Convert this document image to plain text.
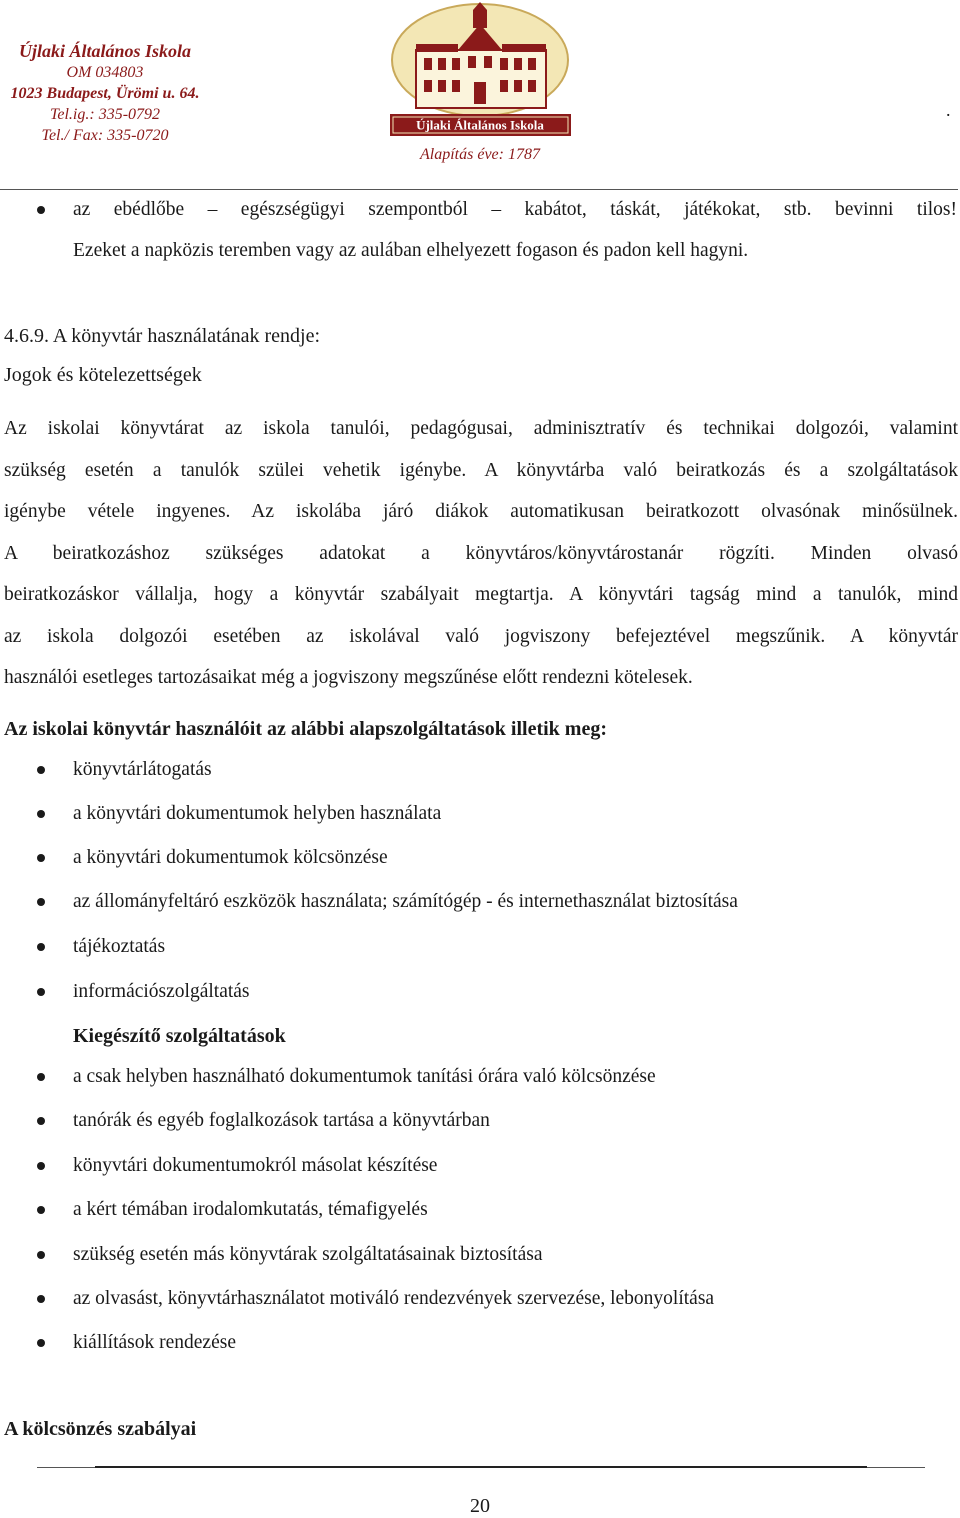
Újlaki Általános Iskola
OM 034803
1023 Budapest, Ürömi u. 64.
Tel.ig.: 335-0792
Tel./ Fax: 335-0720
Újlaki Általános Iskola
Alapítás éve: 1787
.
az ebédlőbe – egészségügyi szempontból – kabátot, táskát, játékokat, stb. bevinni tilos!
Ezeket a napközis teremben vagy az aulában elhelyezett fogason és padon kell hagyni.
4.6.9. A könyvtár használatának rendje:
Jogok és kötelezettségek
Az iskolai könyvtárat az iskola tanulói, pedagógusai, adminisztratív és technikai dolgozói, valamint
szükség esetén a tanulók szülei vehetik igénybe. A könyvtárba való beiratkozás és a szolgáltatások
igénybe vétele ingyenes. Az iskolába járó diákok automatikusan beiratkozott olvasónak minősülnek.
A beiratkozáshoz szükséges adatokat a könyvtáros/könyvtárostanár rögzíti. Minden olvasó
beiratkozáskor vállalja, hogy a könyvtár szabályait megtartja. A könyvtári tagság mind a tanulók, mind
az iskola dolgozói esetében az iskolával való jogviszony befejeztével megszűnik. A könyvtár
használói esetleges tartozásaikat még a jogviszony megszűnése előtt rendezni kötelesek.
Az iskolai könyvtár használóit az alábbi alapszolgáltatások illetik meg:
könyvtárlátogatás
a könyvtári dokumentumok helyben használata
a könyvtári dokumentumok kölcsönzése
az állományfeltáró eszközök használata; számítógép - és internethasználat biztosítása
tájékoztatás
információszolgáltatás
Kiegészítő szolgáltatások
a csak helyben használható dokumentumok tanítási órára való kölcsönzése
tanórák és egyéb foglalkozások tartása a könyvtárban
könyvtári dokumentumokról másolat készítése
a kért témában irodalomkutatás, témafigyelés
szükség esetén más könyvtárak szolgáltatásainak biztosítása
az olvasást, könyvtárhasználatot motiváló rendezvények szervezése, lebonyolítása
kiállítások rendezése
A kölcsönzés szabályai
20
